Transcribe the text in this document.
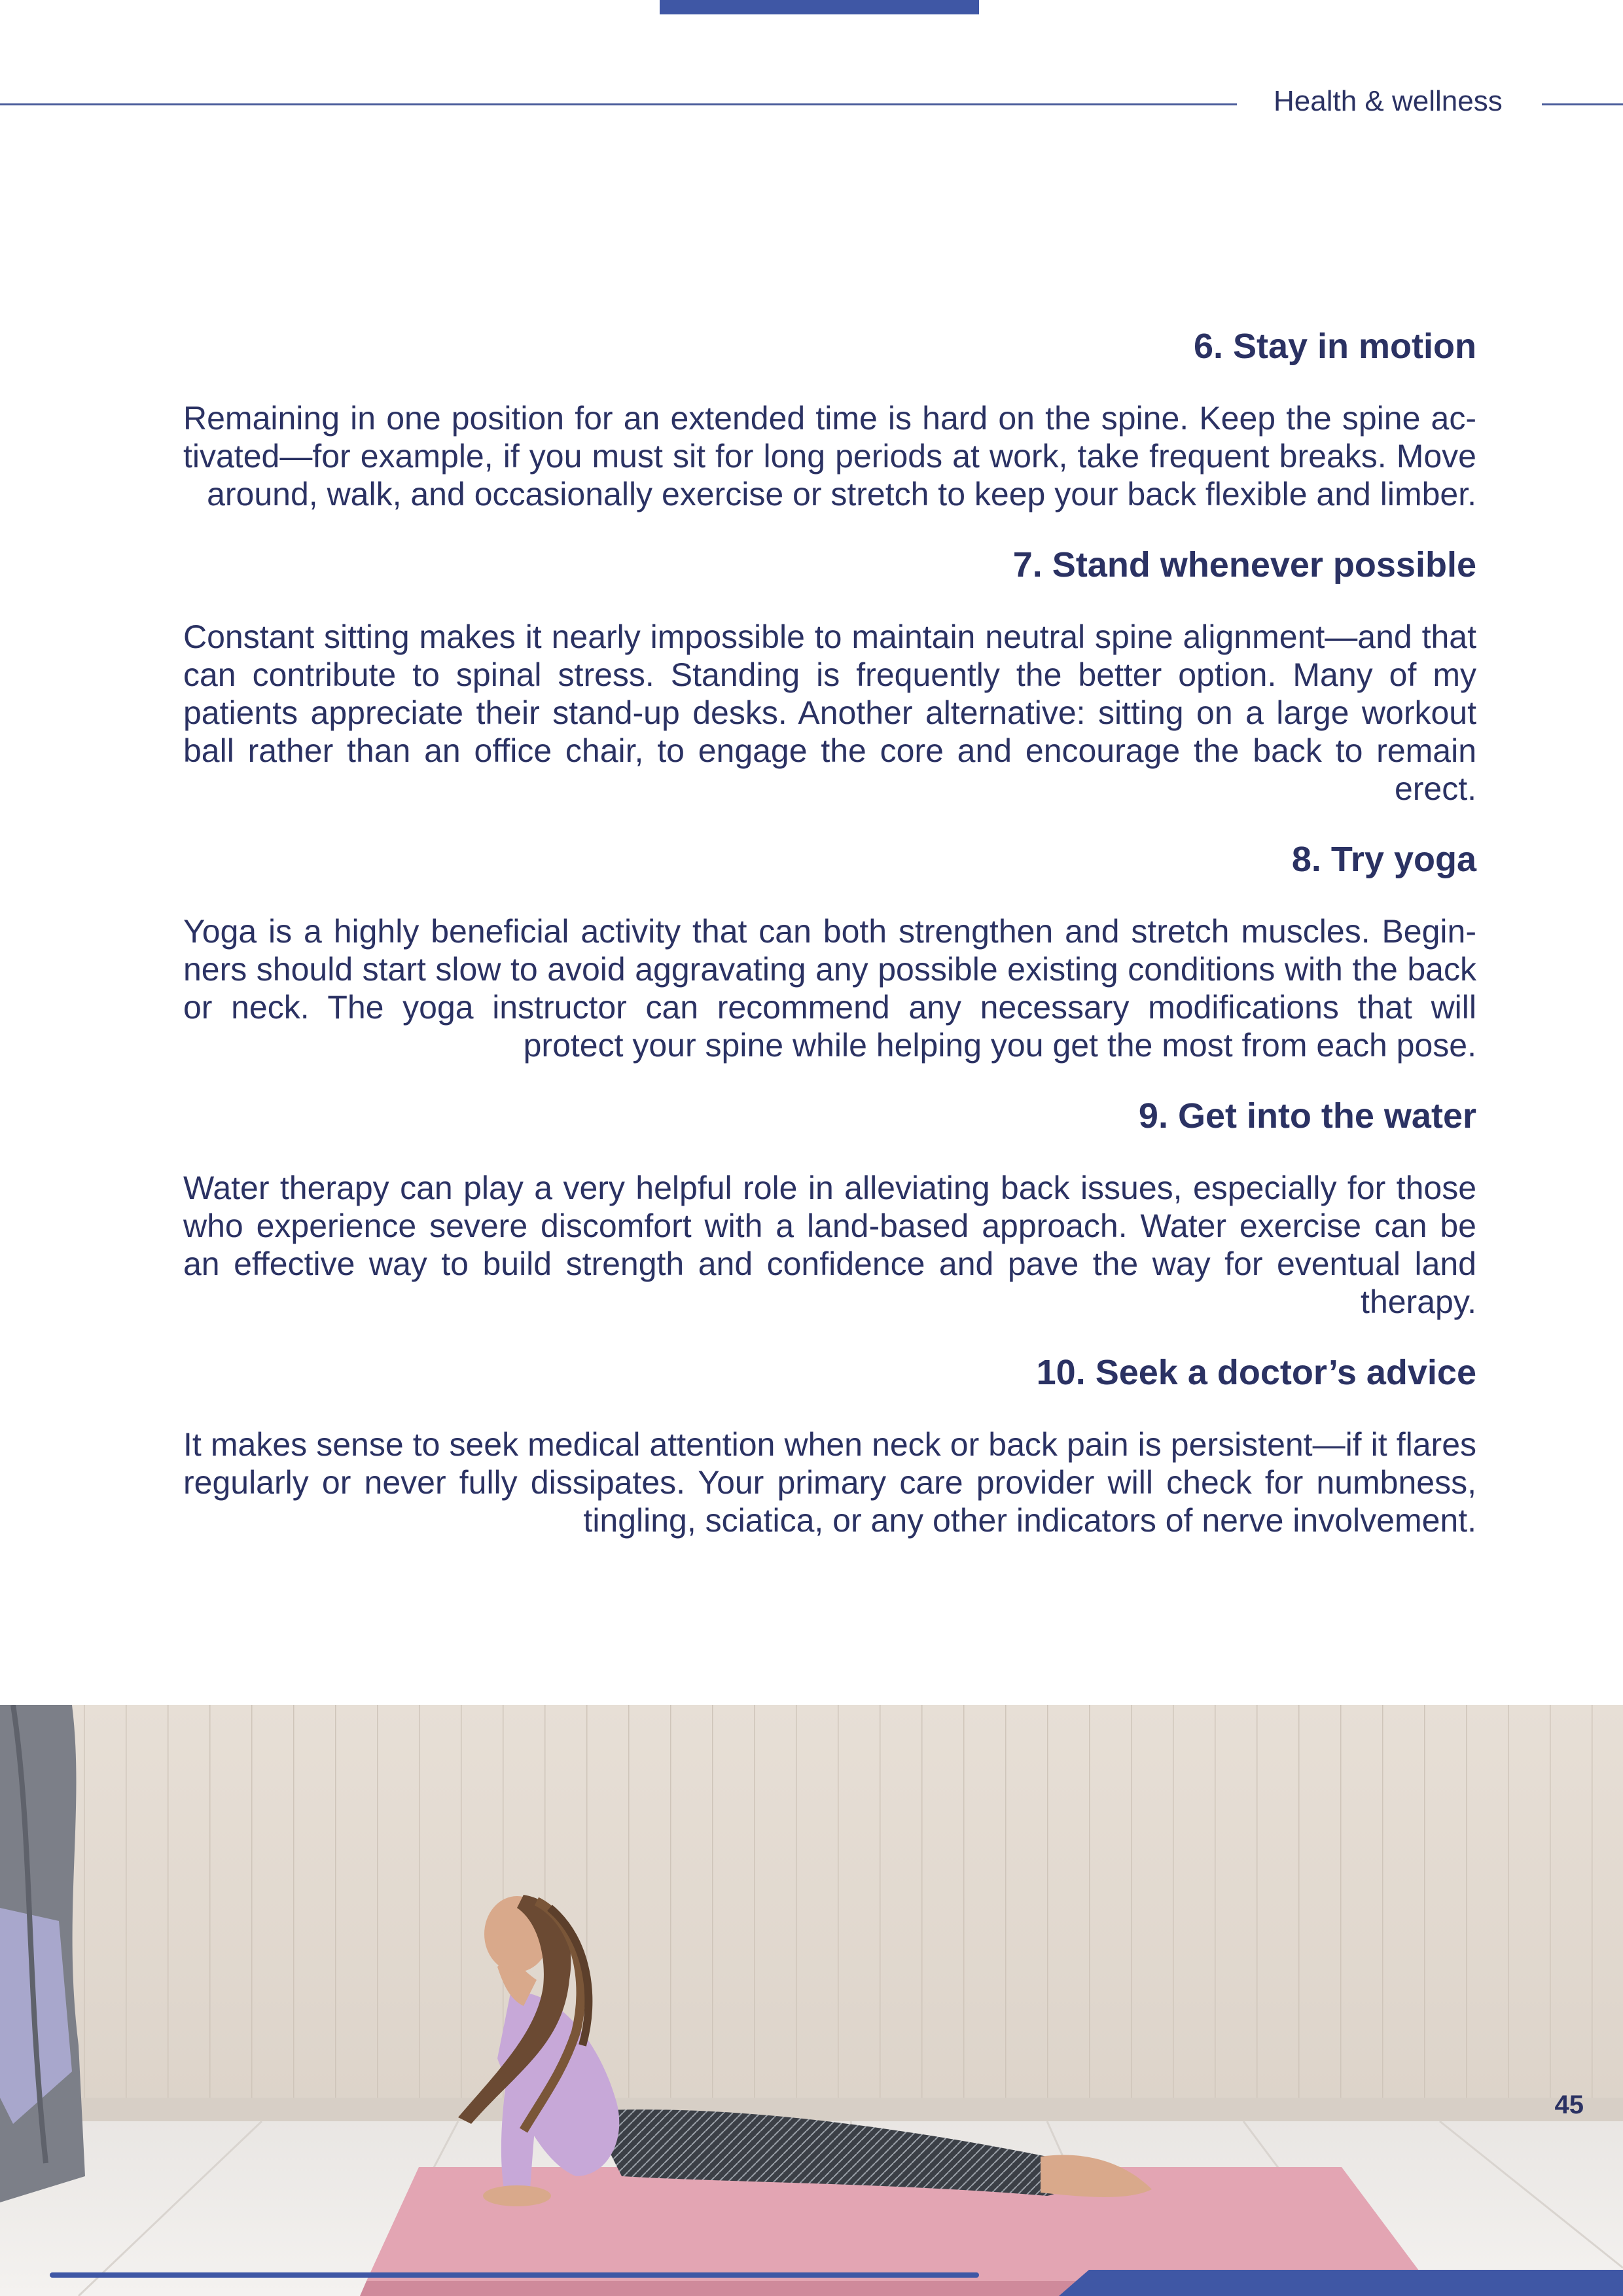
Health & wellness
6. Stay in motion

Remaining in one position for an extended time is hard on the spine. Keep the spine activated—for example, if you must sit for long periods at work, take frequent breaks. Move around, walk, and occasionally exercise or stretch to keep your back flexible and limber.

7. Stand whenever possible

Constant sitting makes it nearly impossible to maintain neutral spine alignment—and that can contribute to spinal stress. Standing is frequently the better option. Many of my patients appreciate their stand-up desks. Another alternative: sitting on a large workout ball rather than an office chair, to engage the core and encourage the back to remain erect.

8. Try yoga

Yoga is a highly beneficial activity that can both strengthen and stretch muscles. Beginners should start slow to avoid aggravating any possible existing conditions with the back or neck. The yoga instructor can recommend any necessary modifications that will protect your spine while helping you get the most from each pose.

9. Get into the water

Water therapy can play a very helpful role in alleviating back issues, especially for those who experience severe discomfort with a land-based approach. Water exercise can be an effective way to build strength and confidence and pave the way for eventual land therapy.

10. Seek a doctor’s advice

It makes sense to seek medical attention when neck or back pain is persistent—if it flares regularly or never fully dissipates. Your primary care provider will check for numbness, tingling, sciatica, or any other indicators of nerve involvement.

45
